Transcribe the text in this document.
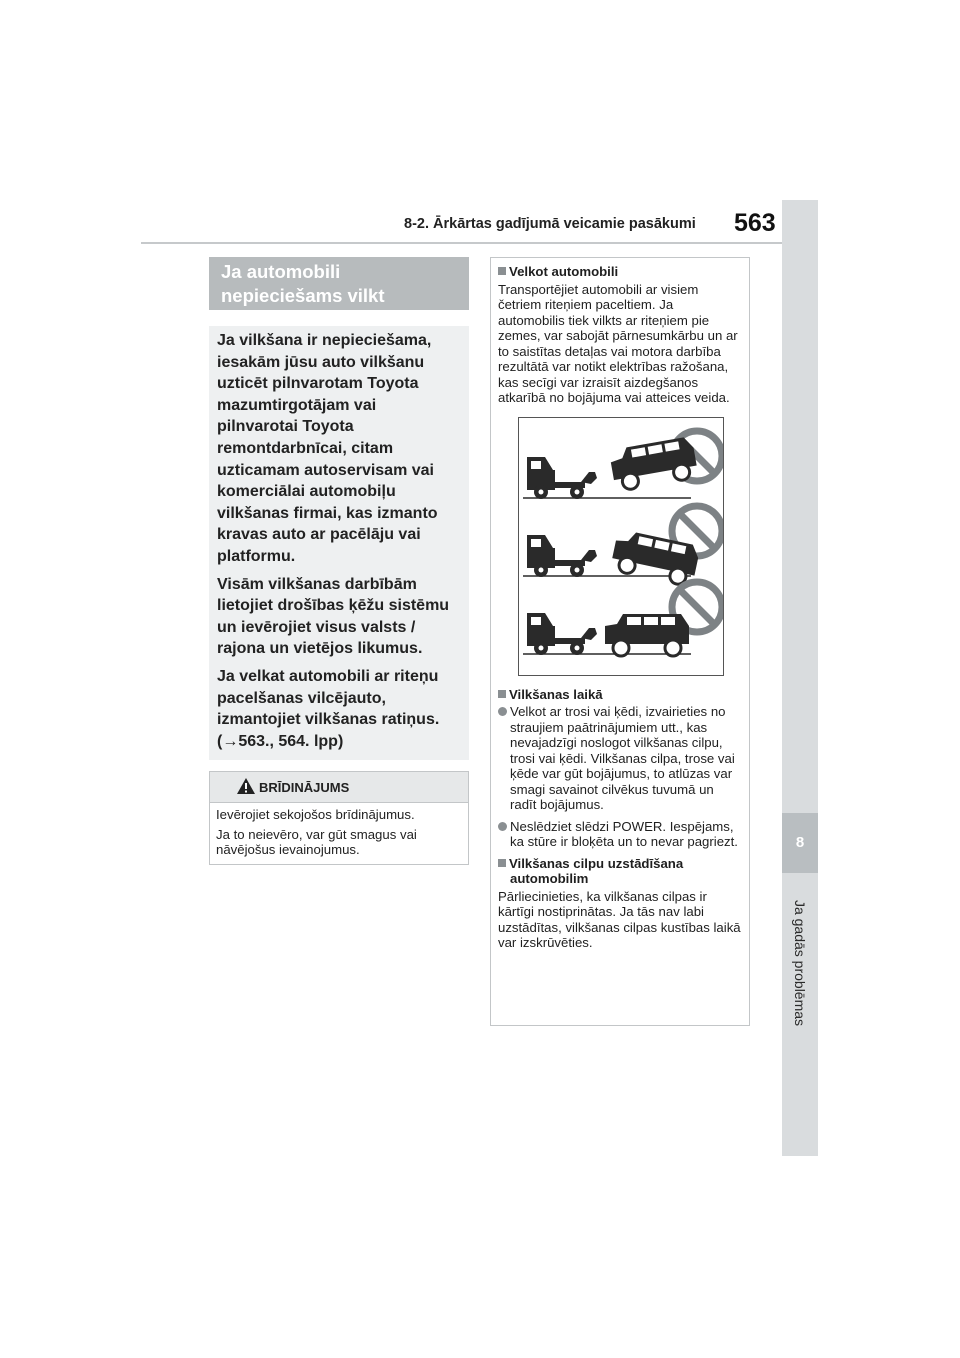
8-2. Ārkārtas gadījumā veicamie pasākumi 563
8
Ja gadās problēmas
Ja automobili
nepieciešams vilkt

Ja vilkšana ir nepieciešama, iesakām jūsu auto vilkšanu uzticēt pilnvarotam Toyota mazumtirgotājam vai pilnvarotai Toyota remontdarbnīcai, citam uzticamam autoservisam vai komerciālai automobiļu vilkšanas firmai, kas izmanto kravas auto ar pacēlāju vai platformu.

Visām vilkšanas darbībām lietojiet drošības ķēžu sistēmu un ievērojiet visus valsts / rajona un vietējos likumus.

Ja velkat automobili ar riteņu pacelšanas vilcējauto, izmantojiet vilkšanas ratiņus.
(→563., 564. lpp)

BRĪDINĀJUMS

Ievērojiet sekojošos brīdinājumus.

Ja to neievēro, var gūt smagus vai nāvējošus ievainojumus.

Velkot automobili

Transportējiet automobili ar visiem četriem riteņiem paceltiem. Ja automobilis tiek vilkts ar riteņiem pie zemes, var sabojāt pārnesumkārbu un ar to saistītas detaļas vai motora darbība rezultātā var notikt elektrības ražošana, kas secīgi var izraisīt aizdegšanos atkarībā no bojājuma vai atteices veida.

Vilkšanas laikā

Velkot ar trosi vai ķēdi, izvairieties no straujiem paātrinājumiem utt., kas nevajadzīgi noslogot vilkšanas cilpu, trosi vai ķēdi. Vilkšanas cilpa, trose vai ķēde var gūt bojājumus, to atlūzas var smagi savainot cilvēkus tuvumā un radīt bojājumus.
Neslēdziet slēdzi POWER. Iespējams, ka stūre ir bloķēta un to nevar pagriezt.

Vilkšanas cilpu uzstādīšana automobilim

Pārliecinieties, ka vilkšanas cilpas ir kārtīgi nostiprinātas. Ja tās nav labi uzstādītas, vilkšanas cilpas kustības laikā var izskrūvēties.
